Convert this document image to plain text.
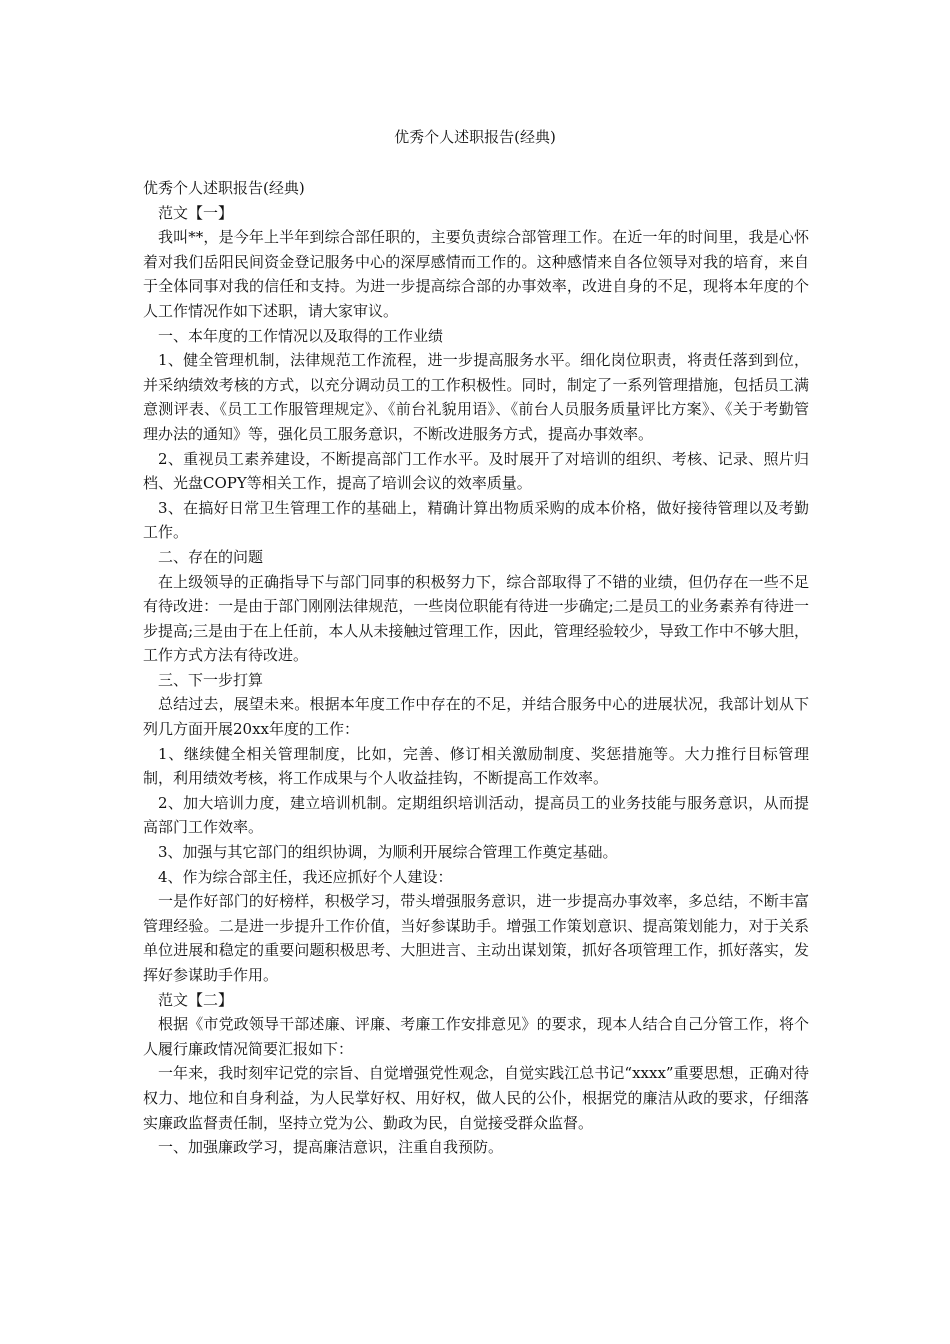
优秀个人述职报告(经典)

优秀个人述职报告(经典)

范文【一】

我叫**，是今年上半年到综合部任职的，主要负责综合部管理工作。在近一年的时间里，我是心怀着对我们岳阳民间资金登记服务中心的深厚感情而工作的。这种感情来自各位领导对我的培育，来自于全体同事对我的信任和支持。为进一步提高综合部的办事效率，改进自身的不足，现将本年度的个人工作情况作如下述职，请大家审议。

一、本年度的工作情况以及取得的工作业绩

1、健全管理机制，法律规范工作流程，进一步提高服务水平。细化岗位职责，将责任落到到位，并采纳绩效考核的方式，以充分调动员工的工作积极性。同时，制定了一系列管理措施，包括员工满意测评表、《员工工作服管理规定》、《前台礼貌用语》、《前台人员服务质量评比方案》、《关于考勤管理办法的通知》等，强化员工服务意识，不断改进服务方式，提高办事效率。

2、重视员工素养建设，不断提高部门工作水平。及时展开了对培训的组织、考核、记录、照片归档、光盘COPY等相关工作，提高了培训会议的效率质量。

3、在搞好日常卫生管理工作的基础上，精确计算出物质采购的成本价格，做好接待管理以及考勤工作。

二、存在的问题

在上级领导的正确指导下与部门同事的积极努力下，综合部取得了不错的业绩，但仍存在一些不足有待改进：一是由于部门刚刚法律规范，一些岗位职能有待进一步确定;二是员工的业务素养有待进一步提高;三是由于在上任前，本人从未接触过管理工作，因此，管理经验较少，导致工作中不够大胆，工作方式方法有待改进。

三、下一步打算

总结过去，展望未来。根据本年度工作中存在的不足，并结合服务中心的进展状况，我部计划从下列几方面开展20xx年度的工作：

1、继续健全相关管理制度，比如，完善、修订相关激励制度、奖惩措施等。大力推行目标管理制，利用绩效考核，将工作成果与个人收益挂钩，不断提高工作效率。

2、加大培训力度，建立培训机制。定期组织培训活动，提高员工的业务技能与服务意识，从而提高部门工作效率。

3、加强与其它部门的组织协调，为顺利开展综合管理工作奠定基础。

4、作为综合部主任，我还应抓好个人建设：

一是作好部门的好榜样，积极学习，带头增强服务意识，进一步提高办事效率，多总结，不断丰富管理经验。二是进一步提升工作价值，当好参谋助手。增强工作策划意识、提高策划能力，对于关系单位进展和稳定的重要问题积极思考、大胆进言、主动出谋划策，抓好各项管理工作，抓好落实，发挥好参谋助手作用。

范文【二】

根据《市党政领导干部述廉、评廉、考廉工作安排意见》的要求，现本人结合自己分管工作，将个人履行廉政情况简要汇报如下：

一年来，我时刻牢记党的宗旨、自觉增强党性观念，自觉实践江总书记“xxxx”重要思想，正确对待权力、地位和自身利益，为人民掌好权、用好权，做人民的公仆，根据党的廉洁从政的要求，仔细落实廉政监督责任制，坚持立党为公、勤政为民，自觉接受群众监督。

一、加强廉政学习，提高廉洁意识，注重自我预防。
